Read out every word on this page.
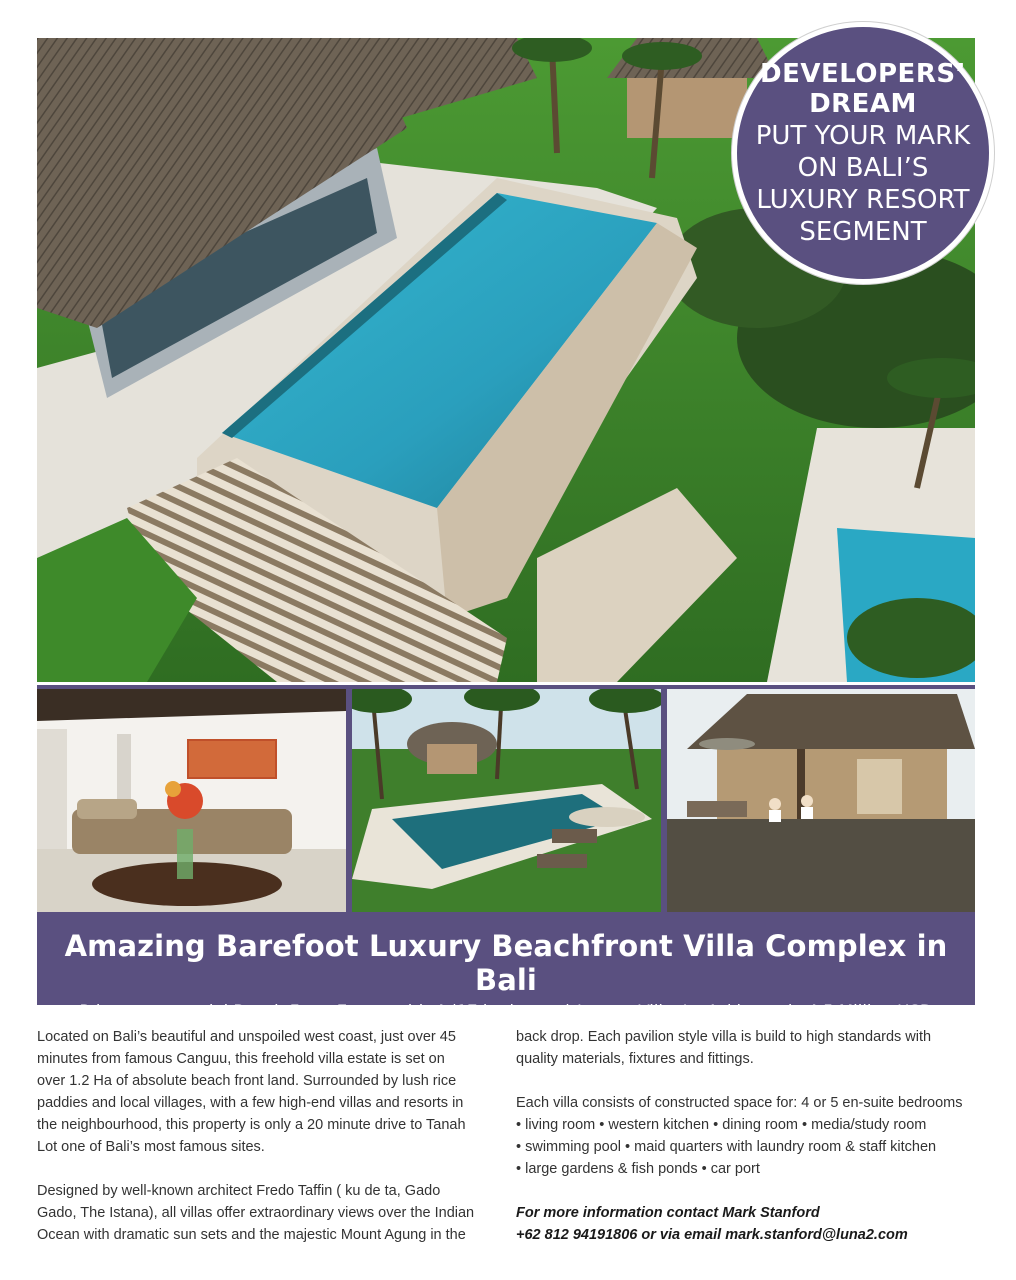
DEVELOPERS’
DREAM
PUT YOUR MARK
ON BALI’S
LUXURY RESORT
SEGMENT
Amazing Barefoot Luxury Beachfront Villa Complex in Bali
Prime commercial Beach Front Estate with 4 (17 bedrooms) Luxury Villas! – Asking only 4.5 Million USD

Located on Bali’s beautiful and unspoiled west coast, just over 45

minutes from famous Canguu, this freehold villa estate is set on

over 1.2 Ha of absolute beach front land. Surrounded by lush rice

paddies and local villages, with a few high-end villas and resorts in

the neighbourhood, this property is only a 20 minute drive to Tanah

Lot one of Bali’s most famous sites.

Designed by well-known architect Fredo Taffin ( ku de ta, Gado

Gado, The Istana), all villas offer extraordinary views over the Indian

Ocean with dramatic sun sets and the majestic Mount Agung in the

back drop. Each pavilion style villa is build to high standards with

quality materials, fixtures and fittings.

Each villa consists of constructed space for: 4 or 5 en-suite bedrooms

• living room • western kitchen • dining room • media/study room

• swimming pool • maid quarters with laundry room & staff kitchen

• large gardens & fish ponds • car port

For more information contact Mark Stanford

+62 812 94191806 or via email mark.stanford@luna2.com
